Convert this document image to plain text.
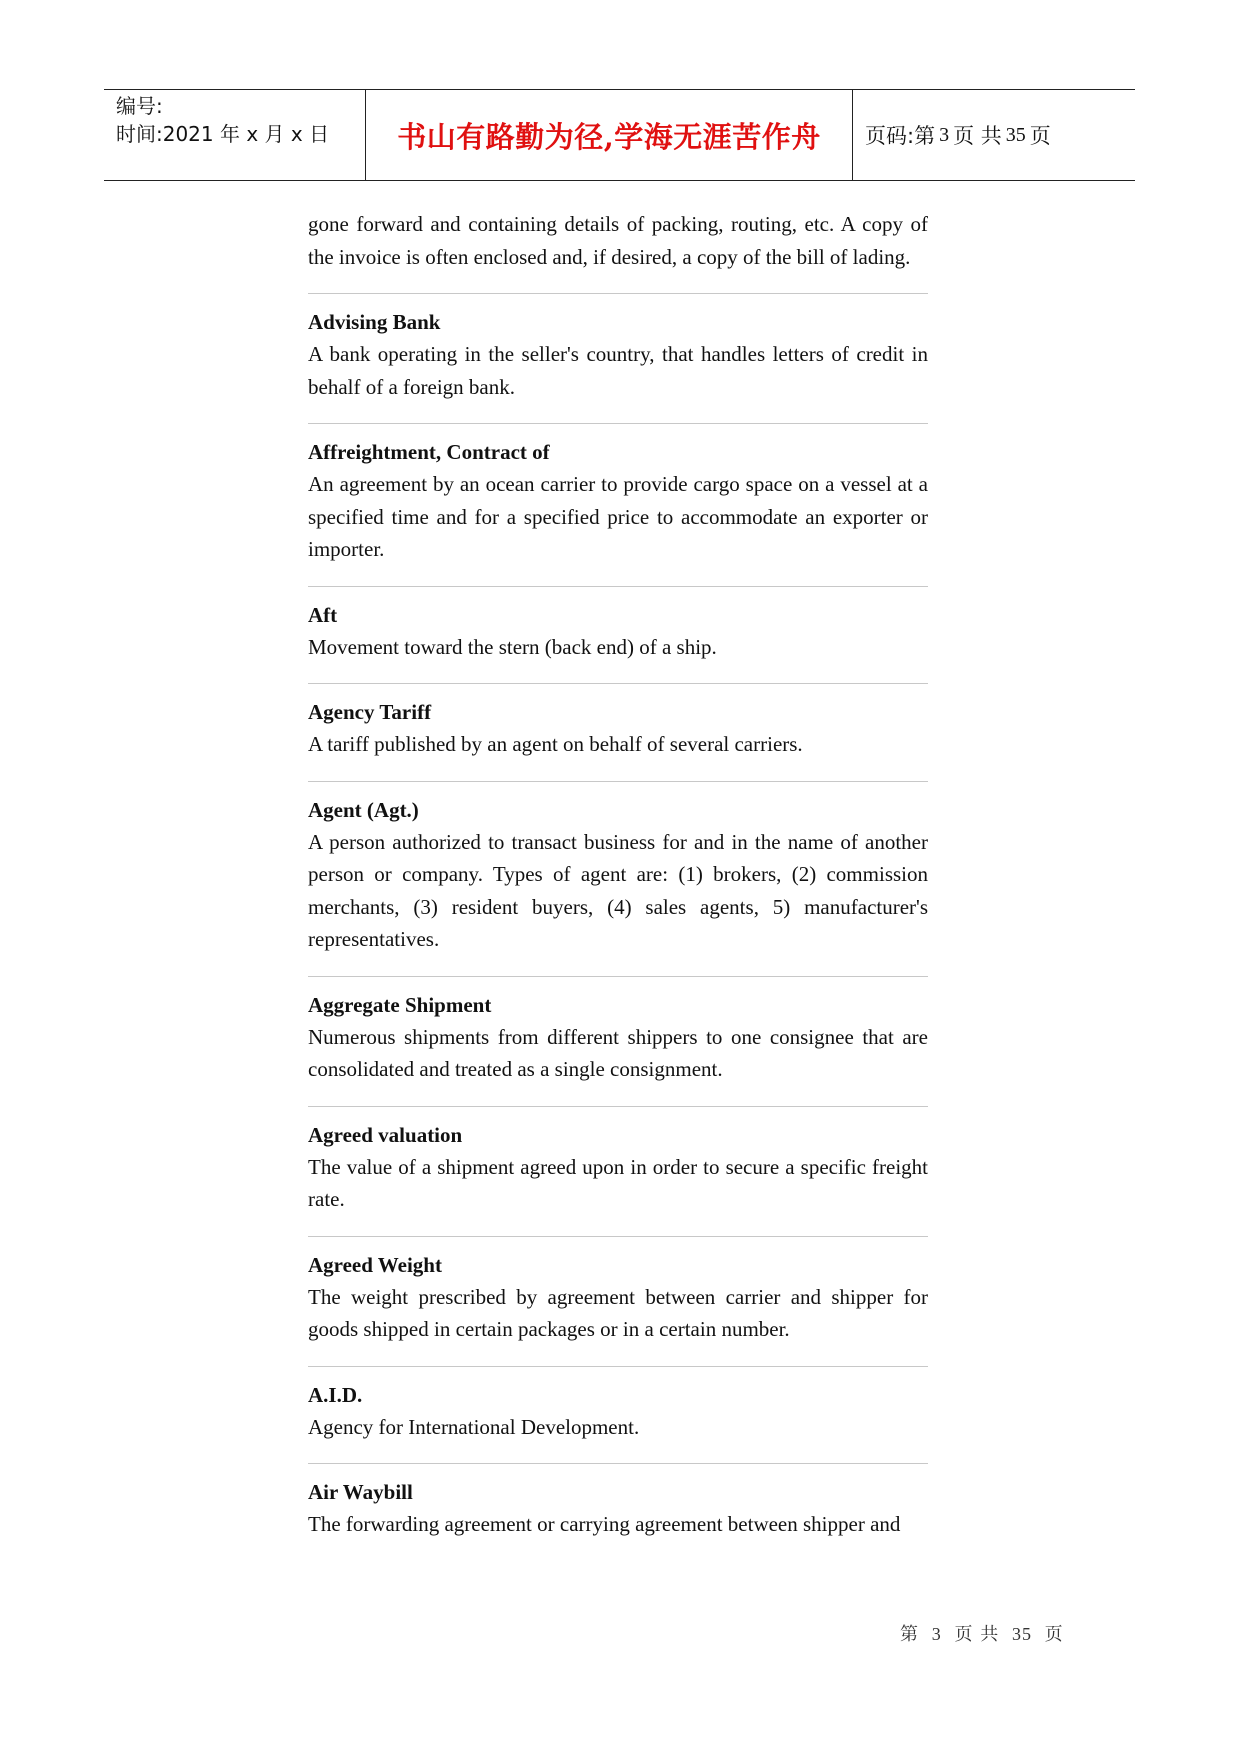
编号:
时间:2021 年 x 月 x 日	书山有路勤为径,学海无涯苦作舟 页码:第 3 页 共 35 页

gone forward and containing details of packing, routing, etc. A copy of the invoice is often enclosed and, if desired, a copy of the bill of lading.

Advising Bank

A bank operating in the seller's country, that handles letters of credit in behalf of a foreign bank.

Affreightment, Contract of

An agreement by an ocean carrier to provide cargo space on a vessel at a specified time and for a specified price to accommodate an exporter or importer.

Aft

Movement toward the stern (back end) of a ship.

Agency Tariff

A tariff published by an agent on behalf of several carriers.

Agent (Agt.)

A person authorized to transact business for and in the name of another person or company. Types of agent are: (1) brokers, (2) commission merchants, (3) resident buyers, (4) sales agents, 5) manufacturer's representatives.

Aggregate Shipment

Numerous shipments from different shippers to one consignee that are consolidated and treated as a single consignment.

Agreed valuation

The value of a shipment agreed upon in order to secure a specific freight rate.

Agreed Weight

The weight prescribed by agreement between carrier and shipper for goods shipped in certain packages or in a certain number.

A.I.D.

Agency for International Development.

Air Waybill

The forwarding agreement or carrying agreement between shipper and

第 3 页 共 35 页
